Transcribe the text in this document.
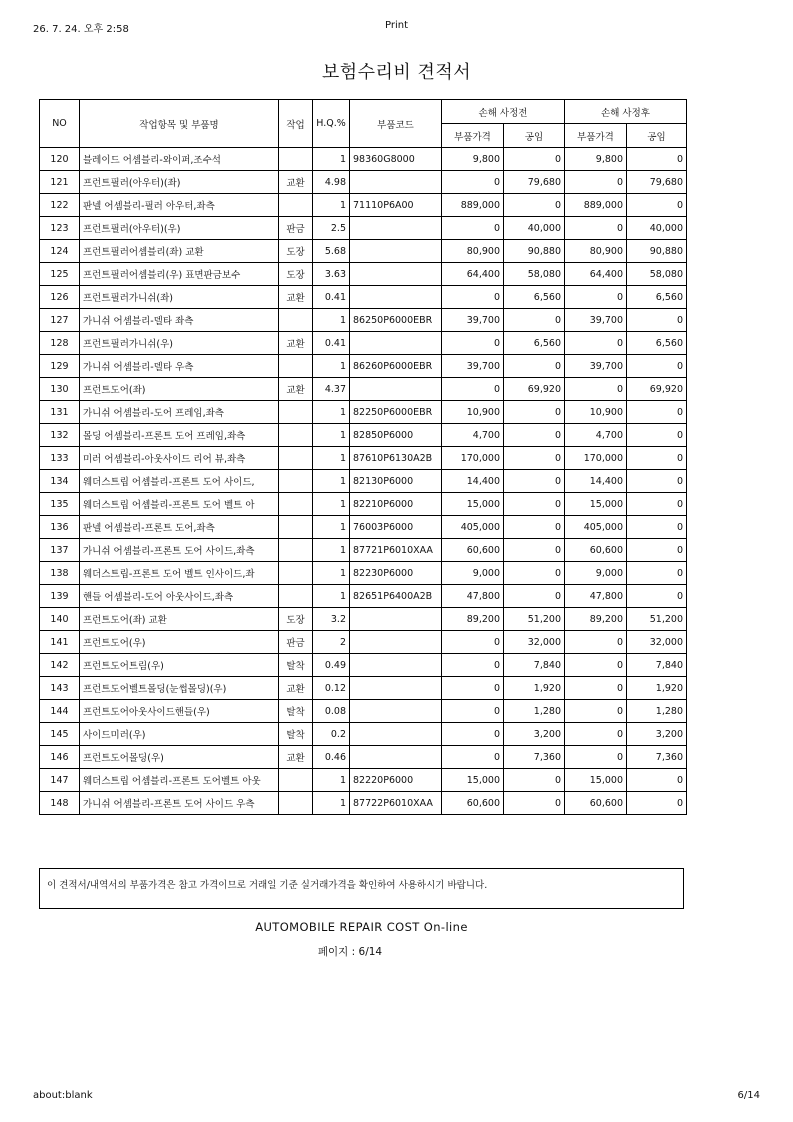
26. 7. 24. 오후 2:58	Print
보험수리비 견적서
NO	작업항목 및 부품명	작업	H.Q.%	부품코드	손해 사정전		손해 사정후	
					부품가격	공임	부품가격	공임
120	블레이드 어셈블리-와이퍼,조수석		1	98360G8000	9,800	0	9,800	0
121	프런트필러(아우터)(좌)	교환	4.98		0	79,680	0	79,680
122	판넬 어셈블리-필러 아우터,좌측		1	71110P6A00	889,000	0	889,000	0
123	프런트필러(아우터)(우)	판금	2.5		0	40,000	0	40,000
124	프런트필러어셈블리(좌) 교환	도장	5.68		80,900	90,880	80,900	90,880
125	프런트필러어셈블리(우) 표면판금보수	도장	3.63		64,400	58,080	64,400	58,080
126	프런트필러가니쉬(좌)	교환	0.41		0	6,560	0	6,560
127	가니쉬 어셈블리-델타 좌측		1	86250P6000EBR	39,700	0	39,700	0
128	프런트필러가니쉬(우)	교환	0.41		0	6,560	0	6,560
129	가니쉬 어셈블리-델타 우측		1	86260P6000EBR	39,700	0	39,700	0
130	프런트도어(좌)	교환	4.37		0	69,920	0	69,920
131	가니쉬 어셈블리-도어 프레임,좌측		1	82250P6000EBR	10,900	0	10,900	0
132	몰딩 어셈블리-프론트 도어 프레임,좌측		1	82850P6000	4,700	0	4,700	0
133	미러 어셈블리-아웃사이드 리어 뷰,좌측		1	87610P6130A2B	170,000	0	170,000	0
134	웨더스트립 어셈블리-프론트 도어 사이드,		1	82130P6000	14,400	0	14,400	0
135	웨더스트립 어셈블리-프론트 도어 벨트 아		1	82210P6000	15,000	0	15,000	0
136	판넬 어셈블리-프론트 도어,좌측		1	76003P6000	405,000	0	405,000	0
137	가니쉬 어셈블리-프론트 도어 사이드,좌측		1	87721P6010XAA	60,600	0	60,600	0
138	웨더스트립-프론트 도어 벨트 인사이드,좌		1	82230P6000	9,000	0	9,000	0
139	핸들 어셈블리-도어 아웃사이드,좌측		1	82651P6400A2B	47,800	0	47,800	0
140	프런트도어(좌) 교환	도장	3.2		89,200	51,200	89,200	51,200
141	프런트도어(우)	판금	2		0	32,000	0	32,000
142	프런트도어트림(우)	탈착	0.49		0	7,840	0	7,840
143	프런트도어벨트몰딩(눈썹몰딩)(우)	교환	0.12		0	1,920	0	1,920
144	프런트도어아웃사이드핸들(우)	탈착	0.08		0	1,280	0	1,280
145	사이드미러(우)	탈착	0.2		0	3,200	0	3,200
146	프런트도어몰딩(우)	교환	0.46		0	7,360	0	7,360
147	웨더스트립 어셈블리-프론트 도어벨트 아웃		1	82220P6000	15,000	0	15,000	0
148	가니쉬 어셈블리-프론트 도어 사이드 우측		1	87722P6010XAA	60,600	0	60,600	0
이 견적서/내역서의 부품가격은 참고 가격이므로 거래일 기준 실거래가격을 확인하여 사용하시기 바랍니다.
AUTOMOBILE REPAIR COST On-line
페이지 : 6/14
about:blank	6/14
